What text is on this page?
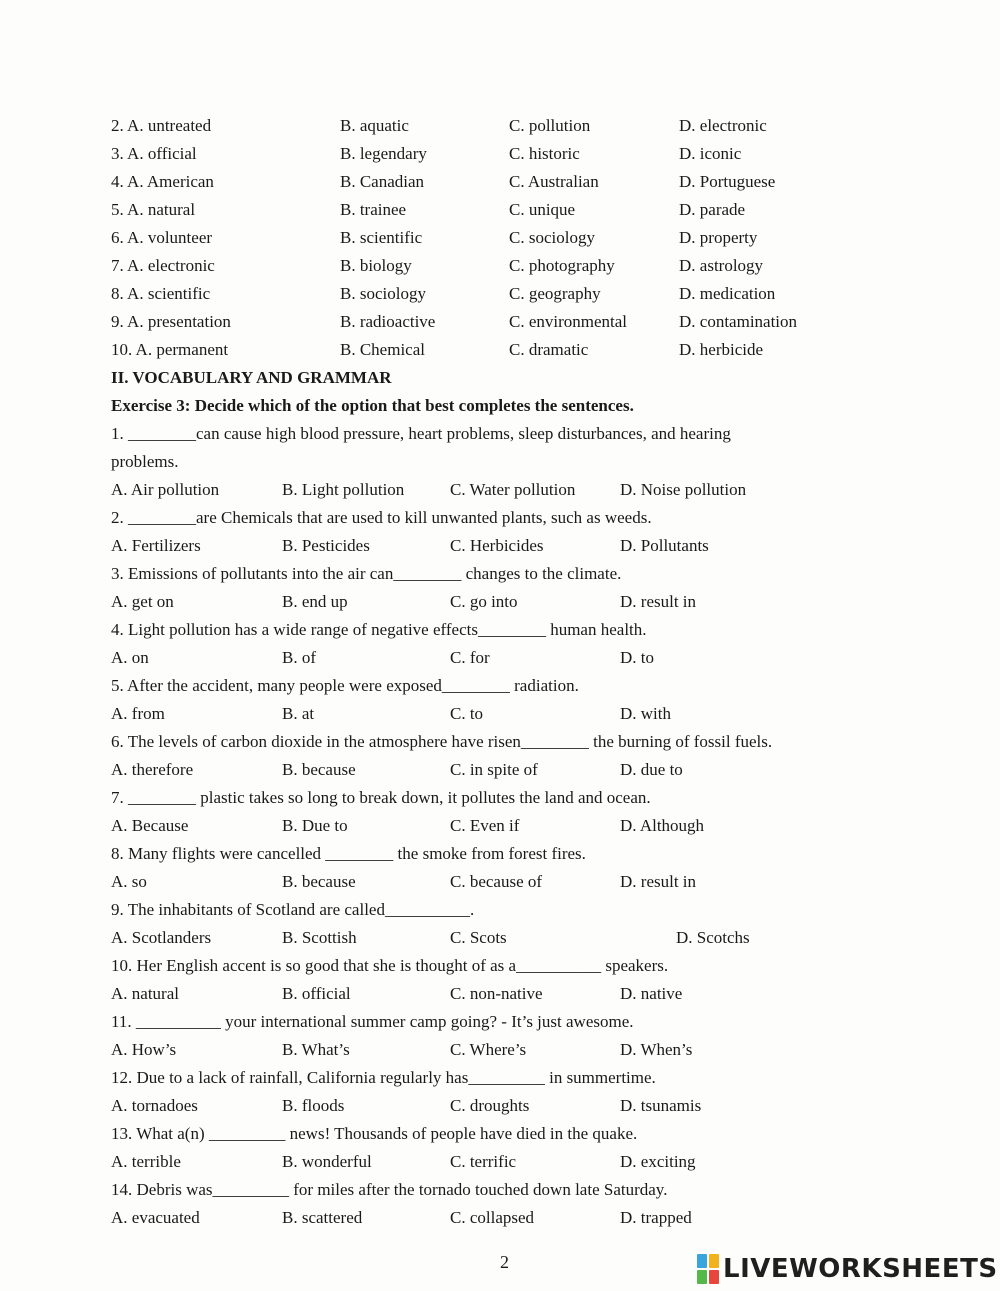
2. A. untreated	B. aquatic	C. pollution	D. electronic
3. A. official	B. legendary	C. historic	D. iconic
4. A. American	B. Canadian	C. Australian	D. Portuguese
5. A. natural	B. trainee	C. unique	D. parade
6. A. volunteer	B. scientific	C. sociology	D. property
7. A. electronic	B. biology	C. photography	D. astrology
8. A. scientific	B. sociology	C. geography	D. medication
9. A. presentation	B. radioactive	C. environmental	D. contamination
10. A. permanent	B. Chemical	C. dramatic	D. herbicide
II. VOCABULARY AND GRAMMAR
Exercise 3: Decide which of the option that best completes the sentences.
1. ________can cause high blood pressure, heart problems, sleep disturbances, and hearing
problems.
A. Air pollution	B. Light pollution	C. Water pollution	D. Noise pollution
2. ________are Chemicals that are used to kill unwanted plants, such as weeds.
A. Fertilizers	B. Pesticides	C. Herbicides	D. Pollutants
3. Emissions of pollutants into the air can________ changes to the climate.
A. get on	B. end up	C. go into	D. result in
4. Light pollution has a wide range of negative effects________ human health.
A. on	B. of	C. for	D. to
5. After the accident, many people were exposed________ radiation.
A. from	B. at	C. to	D. with
6. The levels of carbon dioxide in the atmosphere have risen________ the burning of fossil fuels.
A. therefore	B. because	C. in spite of	D. due to
7. ________ plastic takes so long to break down, it pollutes the land and ocean.
A. Because	B. Due to	C. Even if	D. Although
8. Many flights were cancelled ________ the smoke from forest fires.
A. so	B. because	C. because of	D. result in
9. The inhabitants of Scotland are called__________.
A. Scotlanders	B. Scottish	C. Scots	D. Scotchs
10. Her English accent is so good that she is thought of as a__________ speakers.
A. natural	B. official	C. non-native	D. native
11. __________ your international summer camp going? - It’s just awesome.
A. How’s	B. What’s	C. Where’s	D. When’s
12. Due to a lack of rainfall, California regularly has_________ in summertime.
A. tornadoes	B. floods	C. droughts	D. tsunamis
13. What a(n) _________ news! Thousands of people have died in the quake.
A. terrible	B. wonderful	C. terrific	D. exciting
14. Debris was_________ for miles after the tornado touched down late Saturday.
A. evacuated	B. scattered	C. collapsed	D. trapped
2	LIVEWORKSHEETS
